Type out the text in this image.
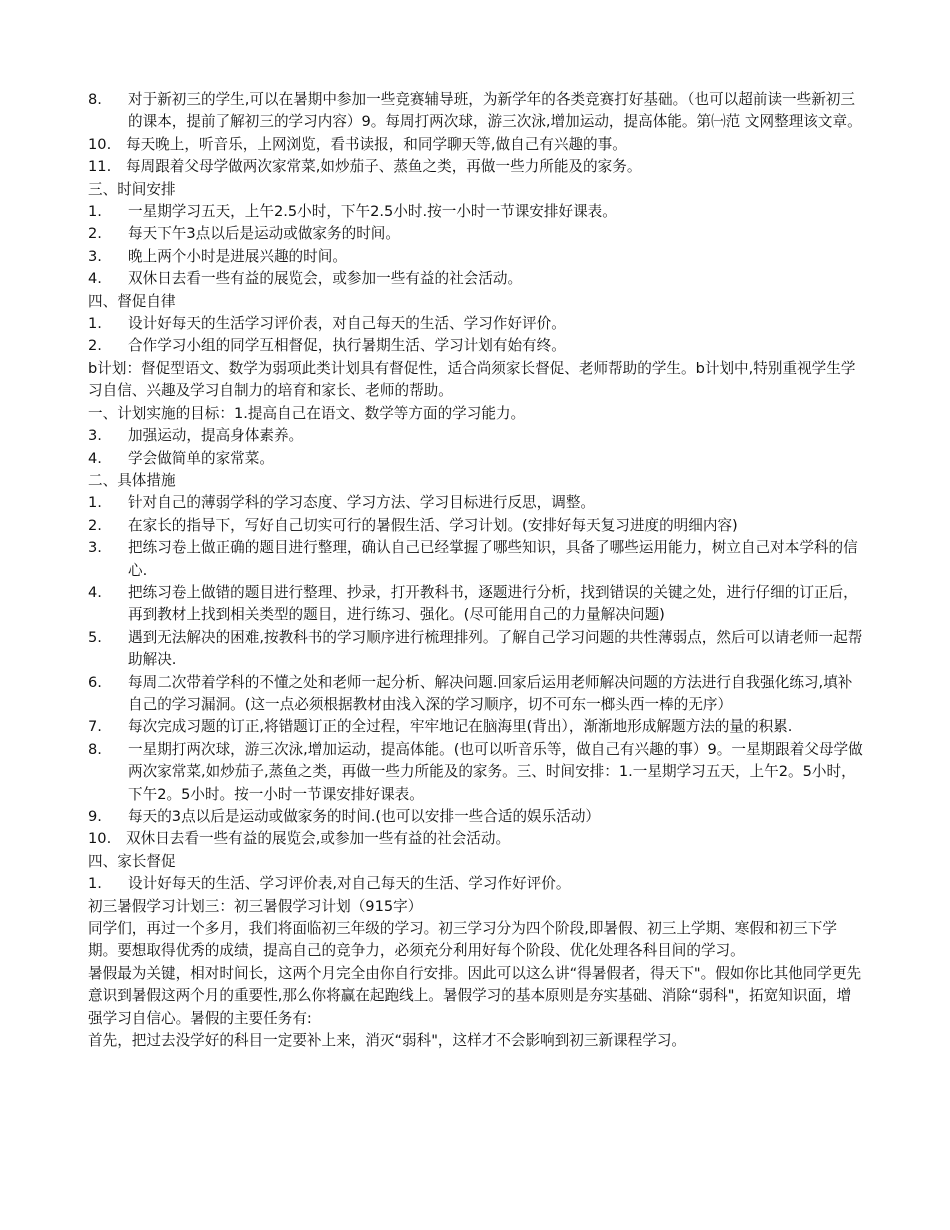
8.	对于新初三的学生,可以在暑期中参加一些竞赛辅导班，为新学年的各类竞赛打好基础。（也可以超前读一些新初三的课本，提前了解初三的学习内容）9。每周打两次球，游三次泳,增加运动，提高体能。第㈠范 文网整理该文章。
10.	每天晚上，听音乐，上网浏览，看书读报，和同学聊天等,做自己有兴趣的事。
11.	每周跟着父母学做两次家常菜,如炒茄子、蒸鱼之类，再做一些力所能及的家务。
三、时间安排
1.	一星期学习五天，上午2.5小时，下午2.5小时.按一小时一节课安排好课表。
2.	每天下午3点以后是运动或做家务的时间。
3.	晚上两个小时是进展兴趣的时间。
4.	双休日去看一些有益的展览会，或参加一些有益的社会活动。
四、督促自律
1.	设计好每天的生活学习评价表，对自己每天的生活、学习作好评价。
2.	合作学习小组的同学互相督促，执行暑期生活、学习计划有始有终。
b计划：督促型语文、数学为弱项此类计划具有督促性，适合尚须家长督促、老师帮助的学生。b计划中,特别重视学生学习自信、兴趣及学习自制力的培育和家长、老师的帮助。
一、计划实施的目标：1.提高自己在语文、数学等方面的学习能力。
3.	加强运动，提高身体素养。
4.	学会做简单的家常菜。
二、具体措施
1.	针对自己的薄弱学科的学习态度、学习方法、学习目标进行反思，调整。
2.	在家长的指导下，写好自己切实可行的暑假生活、学习计划。(安排好每天复习进度的明细内容)
3.	把练习卷上做正确的题目进行整理，确认自己已经掌握了哪些知识，具备了哪些运用能力，树立自己对本学科的信心.
4.	把练习卷上做错的题目进行整理、抄录，打开教科书，逐题进行分析，找到错误的关键之处，进行仔细的订正后，再到教材上找到相关类型的题目，进行练习、强化。(尽可能用自己的力量解决问题)
5.	遇到无法解决的困难,按教科书的学习顺序进行梳理排列。了解自己学习问题的共性薄弱点，然后可以请老师一起帮助解决.
6.	每周二次带着学科的不懂之处和老师一起分析、解决问题.回家后运用老师解决问题的方法进行自我强化练习,填补自己的学习漏洞。(这一点必须根据教材由浅入深的学习顺序，切不可东一榔头西一棒的无序）
7.	每次完成习题的订正,将错题订正的全过程，牢牢地记在脑海里(背出），渐渐地形成解题方法的量的积累.
8.	一星期打两次球，游三次泳,增加运动，提高体能。(也可以听音乐等，做自己有兴趣的事）9。一星期跟着父母学做两次家常菜,如炒茄子,蒸鱼之类，再做一些力所能及的家务。三、时间安排：1.一星期学习五天，上午2。5小时，下午2。5小时。按一小时一节课安排好课表。
9.	每天的3点以后是运动或做家务的时间.(也可以安排一些合适的娱乐活动）
10.	双休日去看一些有益的展览会,或参加一些有益的社会活动。
四、家长督促
1.	设计好每天的生活、学习评价表,对自己每天的生活、学习作好评价。
初三暑假学习计划三：初三暑假学习计划（915字）
同学们，再过一个多月，我们将面临初三年级的学习。初三学习分为四个阶段,即暑假、初三上学期、寒假和初三下学期。要想取得优秀的成绩，提高自己的竞争力，必须充分利用好每个阶段、优化处理各科目间的学习。
暑假最为关键，相对时间长，这两个月完全由你自行安排。因此可以这么讲“得暑假者，得天下"。假如你比其他同学更先意识到暑假这两个月的重要性,那么你将赢在起跑线上。暑假学习的基本原则是夯实基础、消除“弱科"，拓宽知识面，增强学习自信心。暑假的主要任务有:
首先，把过去没学好的科目一定要补上来，消灭“弱科"，这样才不会影响到初三新课程学习。
